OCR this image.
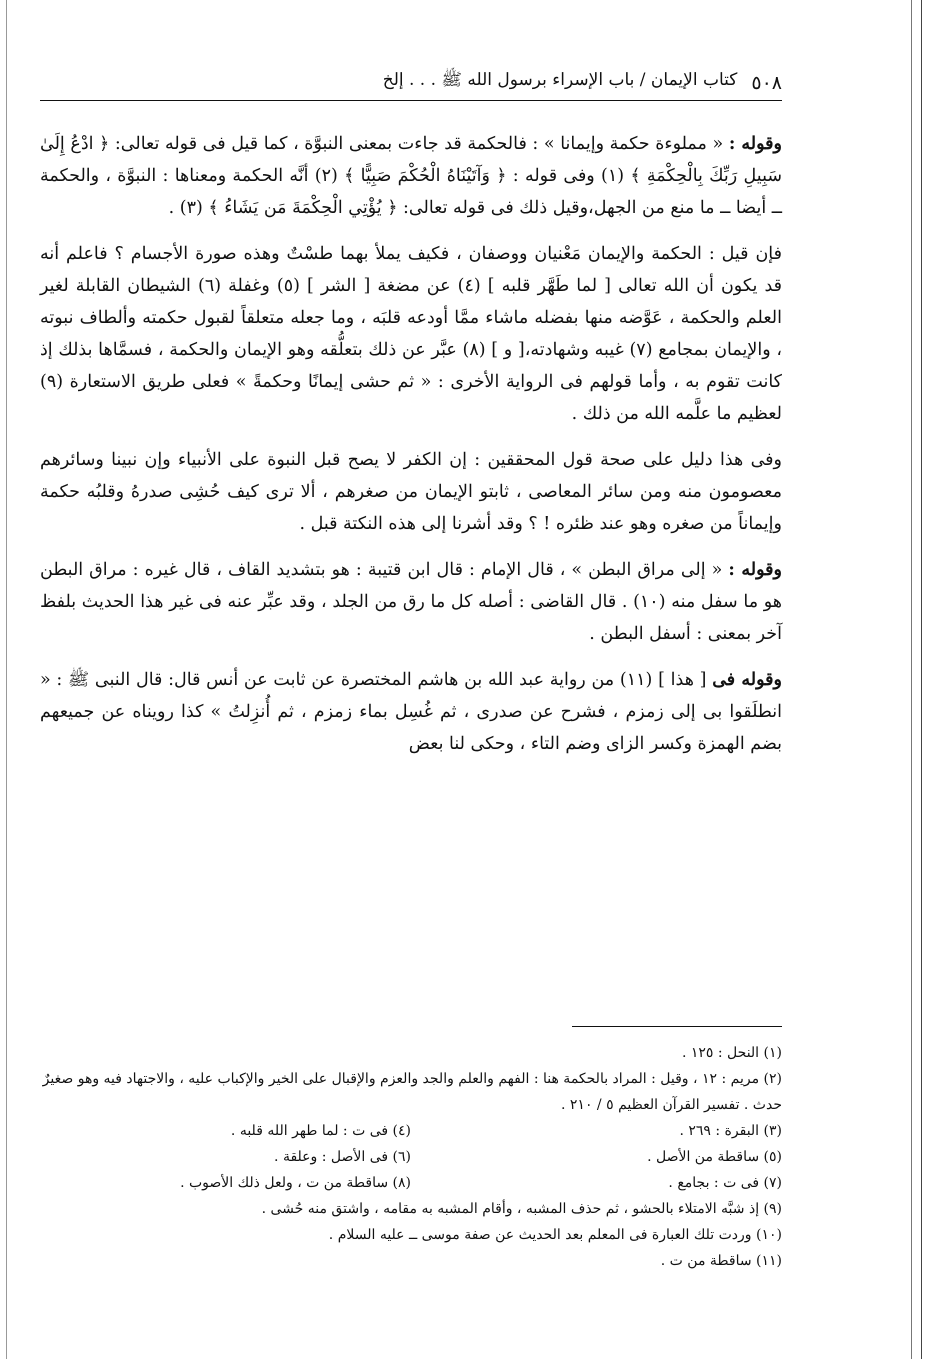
٥٠٨
كتاب الإيمان / باب الإسراء برسول الله ﷺ . . . إلخ

وقوله : « مملوءة حكمة وإيمانا » : فالحكمة قد جاءت بمعنى النبوَّة ، كما قيل فى قوله تعالى: ﴿ ادْعُ إِلَىٰ سَبِيلِ رَبِّكَ بِالْحِكْمَةِ ﴾ (١) وفى قوله : ﴿ وَآتَيْنَاهُ الْحُكْمَ صَبِيًّا ﴾ (٢) أنَّه الحكمة ومعناها : النبوَّة ، والحكمة ــ أيضا ــ ما منع من الجهل،وقيل ذلك فى قوله تعالى: ﴿ يُؤْتِي الْحِكْمَةَ مَن يَشَاءُ ﴾ (٣) .

فإن قيل : الحكمة والإيمان مَعْنيان ووصفان ، فكيف يملأ بهما طسْتٌ وهذه صورة الأجسام ؟ فاعلم أنه قد يكون أن الله تعالى [ لما طَهَّر قلبه ] (٤) عن مضغة [ الشر ] (٥) وغفلة (٦) الشيطان القابلة لغير العلم والحكمة ، عَوَّضه منها بفضله ماشاء ممَّا أودعه قلبَه ، وما جعله متعلقاً لقبول حكمته وألطاف نبوته ، والإيمان بمجامع (٧) غيبه وشهادته،[ و ] (٨) عبَّر عن ذلك بتعلُّقه وهو الإيمان والحكمة ، فسمَّاها بذلك إذ كانت تقوم به ، وأما قولهم فى الرواية الأخرى : « ثم حشى إيمانًا وحكمةً » فعلى طريق الاستعارة (٩) لعظيم ما علَّمه الله من ذلك .

وفى هذا دليل على صحة قول المحققين : إن الكفر لا يصح قبل النبوة على الأنبياء وإن نبينا وسائرهم معصومون منه ومن سائر المعاصى ، ثابتو الإيمان من صغرهم ، ألا ترى كيف حُشِى صدرهُ وقلبُه حكمة وإيماناً من صغره وهو عند ظئره ! ؟ وقد أشرنا إلى هذه النكتة قبل .

وقوله : « إلى مراق البطن » ، قال الإمام : قال ابن قتيبة : هو بتشديد القاف ، قال غيره : مراق البطن هو ما سفل منه (١٠) . قال القاضى : أصله كل ما رق من الجلد ، وقد عبِّر عنه فى غير هذا الحديث بلفظ آخر بمعنى : أسفل البطن .

وقوله فى [ هذا ] (١١) من رواية عبد الله بن هاشم المختصرة عن ثابت عن أنس قال: قال النبى ﷺ : « انطلَقوا بى إلى زمزم ، فشرح عن صدرى ، ثم غُسِل بماء زمزم ، ثم أُنزِلتُ » كذا رويناه عن جميعهم بضم الهمزة وكسر الزاى وضم التاء ، وحكى لنا بعض

(١) النحل : ١٢٥ .

(٢) مريم : ١٢ ، وقيل : المراد بالحكمة هنا : الفهم والعلم والجد والعزم والإقبال على الخير والإكباب عليه ، والاجتهاد فيه وهو صغيرٌ حدث . تفسير القرآن العظيم ٥ / ٢١٠ .

(٣) البقرة : ٢٦٩ .

(٤) فى ت : لما طهر الله قلبه .

(٥) ساقطة من الأصل .

(٦) فى الأصل : وعلقة .

(٧) فى ت : بجامع .

(٨) ساقطة من ت ، ولعل ذلك الأصوب .

(٩) إذ شبَّه الامتلاء بالحشو ، ثم حذف المشبه ، وأقام المشبه به مقامه ، واشتق منه حُشى .

(١٠) وردت تلك العبارة فى المعلم بعد الحديث عن صفة موسى ــ عليه السلام .

(١١) ساقطة من ت .
